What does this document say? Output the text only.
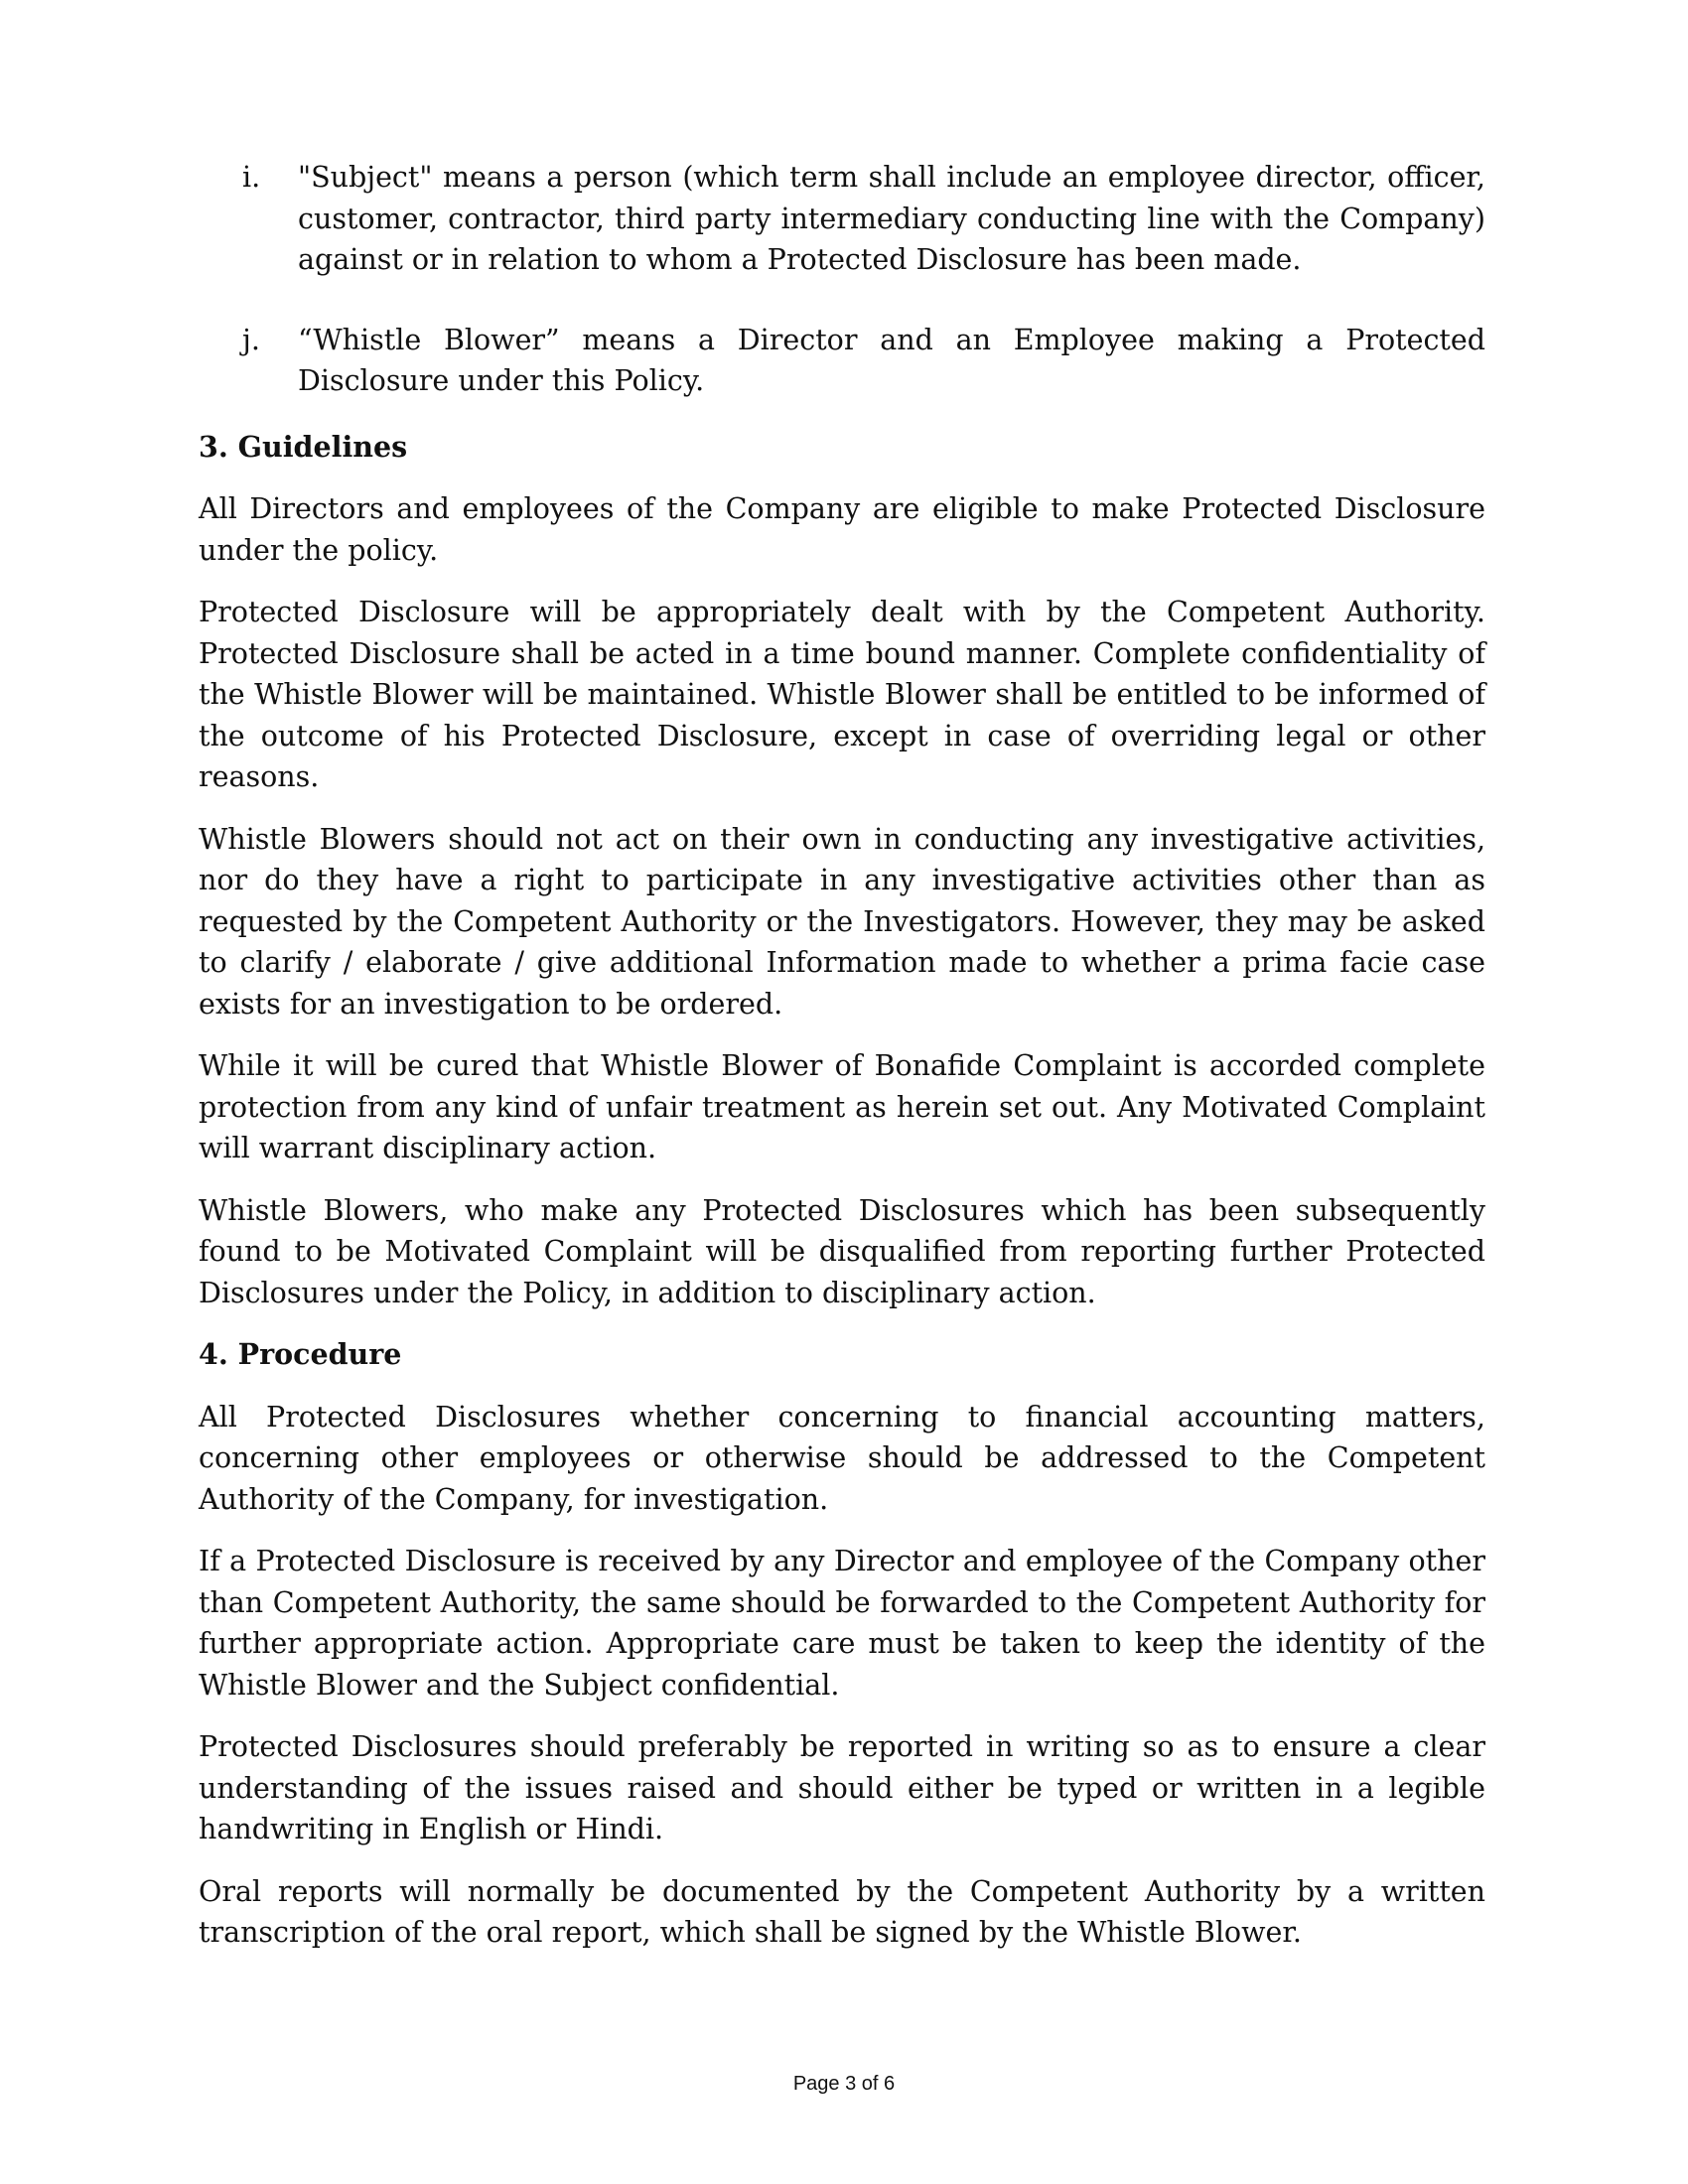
i. "Subject" means a person (which term shall include an employee director, officer, customer, contractor, third party intermediary conducting line with the Company) against or in relation to whom a Protected Disclosure has been made.
j. “Whistle Blower” means a Director and an Employee making a Protected Disclosure under this Policy.
3. Guidelines

All Directors and employees of the Company are eligible to make Protected Disclosure under the policy.

Protected Disclosure will be appropriately dealt with by the Competent Authority. Protected Disclosure shall be acted in a time bound manner. Complete confidentiality of the Whistle Blower will be maintained. Whistle Blower shall be entitled to be informed of the outcome of his Protected Disclosure, except in case of overriding legal or other reasons.

Whistle Blowers should not act on their own in conducting any investigative activities, nor do they have a right to participate in any investigative activities other than as requested by the Competent Authority or the Investigators. However, they may be asked to clarify / elaborate / give additional Information made to whether a prima facie case exists for an investigation to be ordered.

While it will be cured that Whistle Blower of Bonafide Complaint is accorded complete protection from any kind of unfair treatment as herein set out. Any Motivated Complaint will warrant disciplinary action.

Whistle Blowers, who make any Protected Disclosures which has been subsequently found to be Motivated Complaint will be disqualified from reporting further Protected Disclosures under the Policy, in addition to disciplinary action.

4. Procedure

All Protected Disclosures whether concerning to financial accounting matters, concerning other employees or otherwise should be addressed to the Competent Authority of the Company, for investigation.

If a Protected Disclosure is received by any Director and employee of the Company other than Competent Authority, the same should be forwarded to the Competent Authority for further appropriate action. Appropriate care must be taken to keep the identity of the Whistle Blower and the Subject confidential.

Protected Disclosures should preferably be reported in writing so as to ensure a clear understanding of the issues raised and should either be typed or written in a legible handwriting in English or Hindi.

Oral reports will normally be documented by the Competent Authority by a written transcription of the oral report, which shall be signed by the Whistle Blower.

Page 3 of 6
